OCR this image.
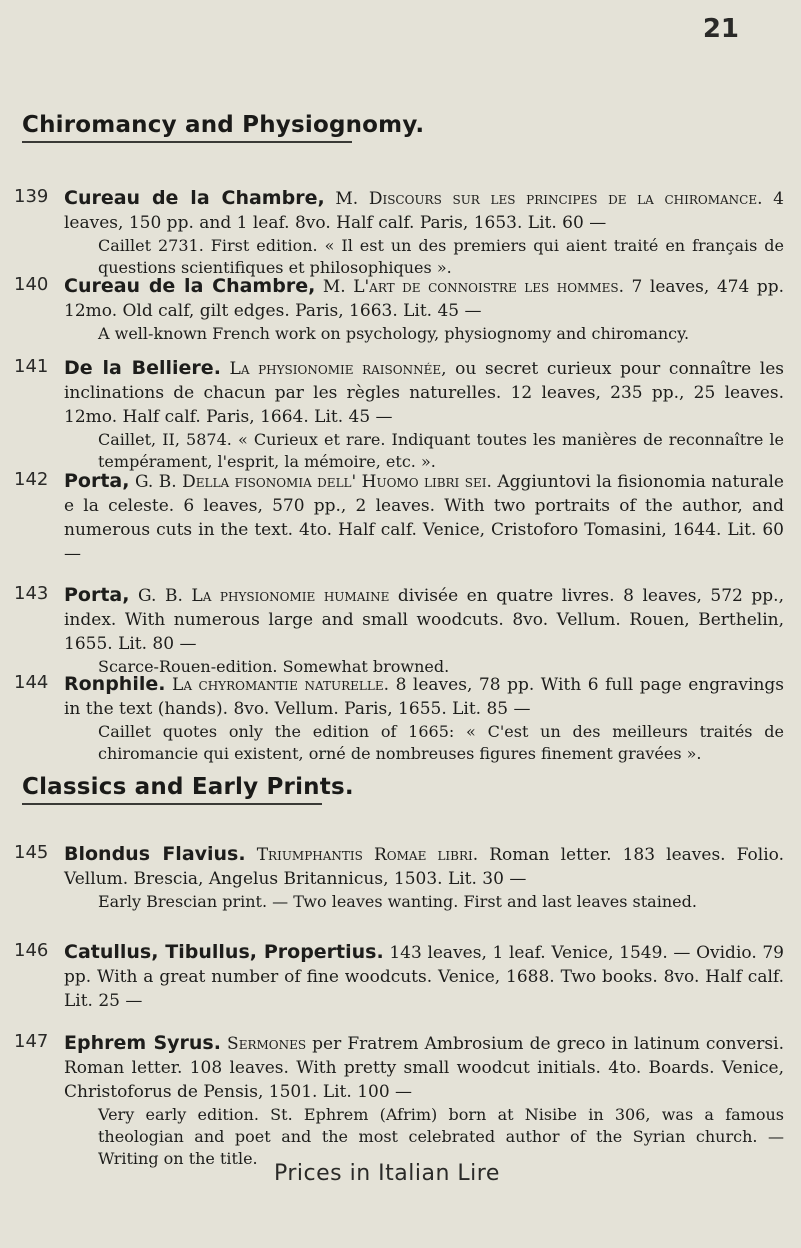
21
Chiromancy and Physiognomy.
139 Cureau de la Chambre, M. Discours sur les principes de la chiromance. 4 leaves, 150 pp. and 1 leaf. 8vo. Half calf. Paris, 1653. Lit. 60 —
Caillet 2731. First edition. « Il est un des premiers qui aient traité en français de questions scientifiques et philosophiques ».
140 Cureau de la Chambre, M. L'art de connoistre les hommes. 7 leaves, 474 pp. 12mo. Old calf, gilt edges. Paris, 1663. Lit. 45 —
A well-known French work on psychology, physiognomy and chiromancy.
141 De la Belliere. La physionomie raisonnée, ou secret curieux pour connaître les inclinations de chacun par les règles naturelles. 12 leaves, 235 pp., 25 leaves. 12mo. Half calf. Paris, 1664. Lit. 45 —
Caillet, II, 5874. « Curieux et rare. Indiquant toutes les manières de reconnaître le tempérament, l'esprit, la mémoire, etc. ».
142 Porta, G. B. Della fisonomia dell' Huomo libri sei. Aggiuntovi la fisionomia naturale e la celeste. 6 leaves, 570 pp., 2 leaves. With two portraits of the author, and numerous cuts in the text. 4to. Half calf. Venice, Cristoforo Tomasini, 1644. Lit. 60 —
143 Porta, G. B. La physionomie humaine divisée en quatre livres. 8 leaves, 572 pp., index. With numerous large and small woodcuts. 8vo. Vellum. Rouen, Berthelin, 1655. Lit. 80 —
Scarce-Rouen-edition. Somewhat browned.
144 Ronphile. La chyromantie naturelle. 8 leaves, 78 pp. With 6 full page engravings in the text (hands). 8vo. Vellum. Paris, 1655. Lit. 85 —
Caillet quotes only the edition of 1665: « C'est un des meilleurs traités de chiromancie qui existent, orné de nombreuses figures finement gravées ».
Classics and Early Prints.
145 Blondus Flavius. Triumphantis Romae libri. Roman letter. 183 leaves. Folio. Vellum. Brescia, Angelus Britannicus, 1503. Lit. 30 —
Early Brescian print. — Two leaves wanting. First and last leaves stained.
146 Catullus, Tibullus, Propertius. 143 leaves, 1 leaf. Venice, 1549. — Ovidio. 79 pp. With a great number of fine woodcuts. Venice, 1688. Two books. 8vo. Half calf. Lit. 25 —
147 Ephrem Syrus. Sermones per Fratrem Ambrosium de greco in latinum conversi. Roman letter. 108 leaves. With pretty small woodcut initials. 4to. Boards. Venice, Christoforus de Pensis, 1501. Lit. 100 —
Very early edition. St. Ephrem (Afrim) born at Nisibe in 306, was a famous theologian and poet and the most celebrated author of the Syrian church. — Writing on the title.
Prices in Italian Lire
